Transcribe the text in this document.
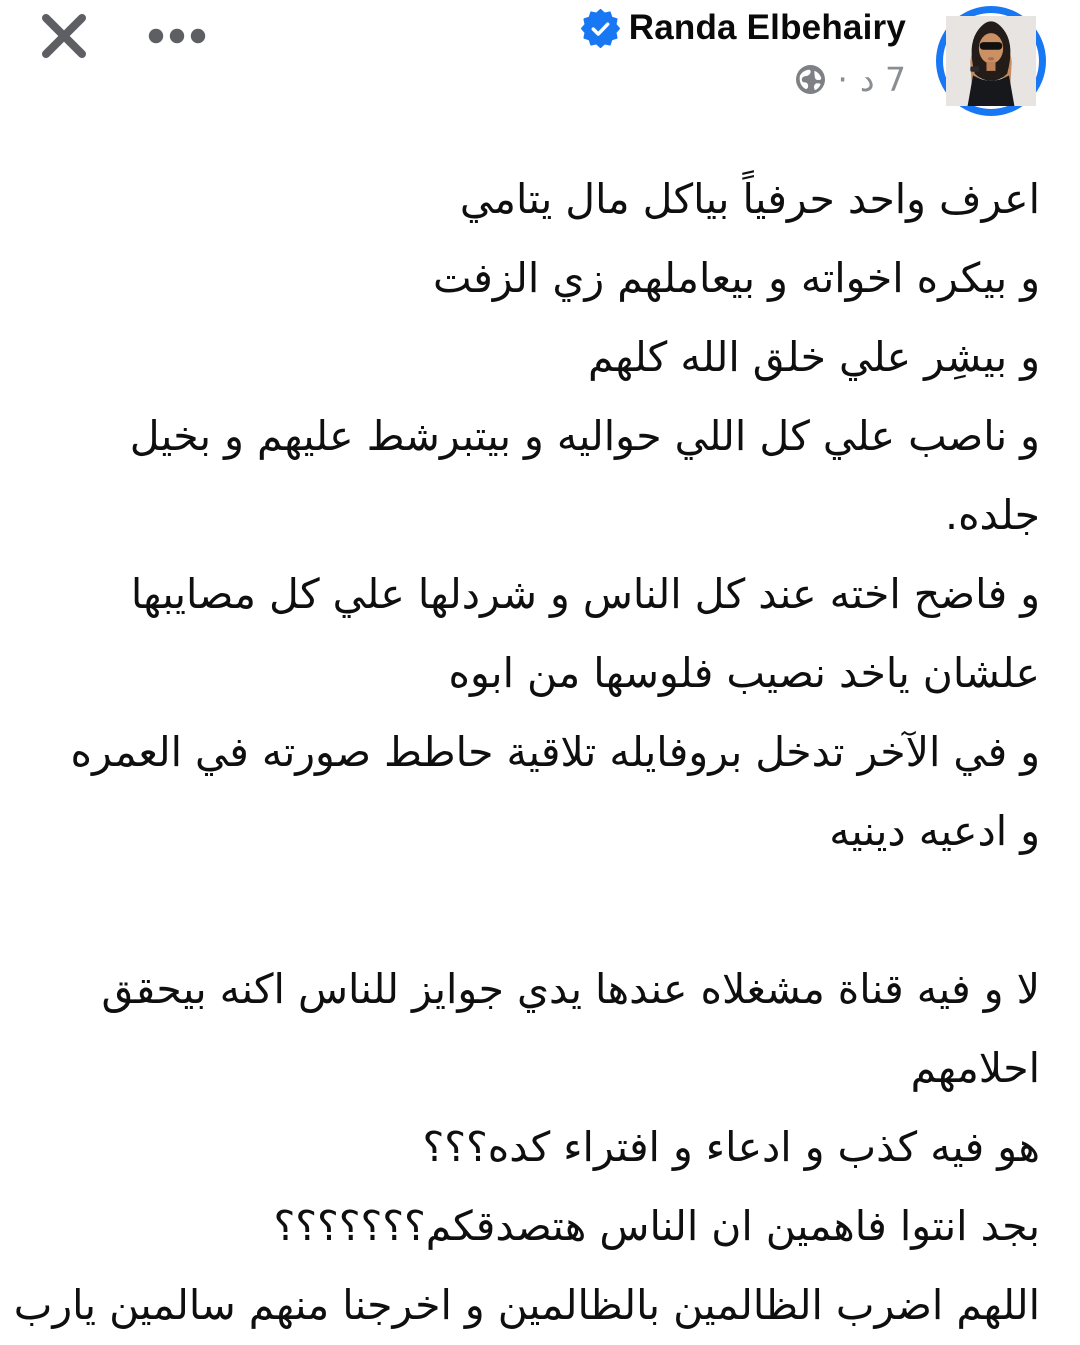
Randa Elbehairy
7 د
·

اعرف واحد حرفياً بياكل مال يتامي

و بيكره اخواته و بيعاملهم زي الزفت

و بيشِر علي خلق الله كلهم

و ناصب علي كل اللي حواليه و بيتبرشط عليهم و بخيل جلده.

و فاضح اخته عند كل الناس و شردلها علي كل مصايبها علشان ياخد نصيب فلوسها من ابوه

و في الآخر تدخل بروفايله تلاقية حاطط صورته في العمره و ادعيه دينيه

لا و فيه قناة مشغلاه عندها يدي جوايز للناس اكنه بيحقق احلامهم

هو فيه كذب و ادعاء و افتراء كده؟؟؟

بجد انتوا فاهمين ان الناس هتصدقكم؟؟؟؟؟؟؟

اللهم اضرب الظالمين بالظالمين و اخرجنا منهم سالمين يارب
